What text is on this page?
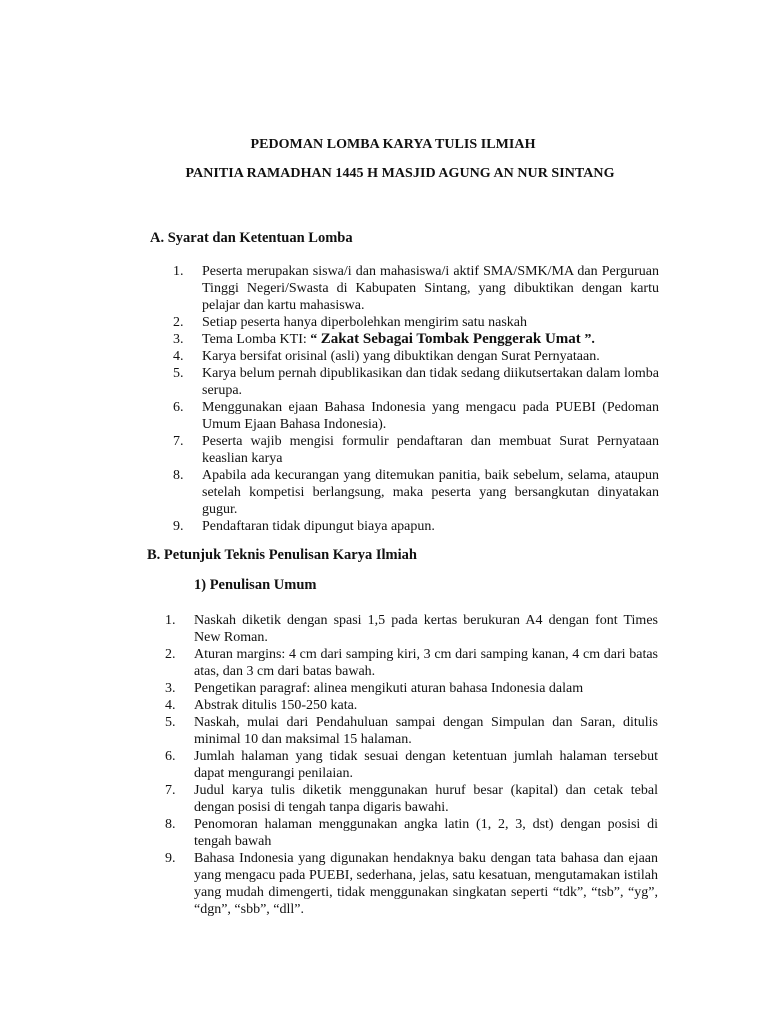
PEDOMAN LOMBA KARYA TULIS ILMIAH
PANITIA RAMADHAN 1445 H MASJID AGUNG AN NUR SINTANG
A. Syarat dan Ketentuan Lomba
1. Peserta merupakan siswa/i dan mahasiswa/i aktif SMA/SMK/MA dan Perguruan Tinggi Negeri/Swasta di Kabupaten Sintang, yang dibuktikan dengan kartu pelajar dan kartu mahasiswa.
2. Setiap peserta hanya diperbolehkan mengirim satu naskah
3. Tema Lomba KTI: “ Zakat Sebagai Tombak Penggerak Umat ”.
4. Karya bersifat orisinal (asli) yang dibuktikan dengan Surat Pernyataan.
5. Karya belum pernah dipublikasikan dan tidak sedang diikutsertakan dalam lomba serupa.
6. Menggunakan ejaan Bahasa Indonesia yang mengacu pada PUEBI (Pedoman Umum Ejaan Bahasa Indonesia).
7. Peserta wajib mengisi formulir pendaftaran dan membuat Surat Pernyataan keaslian karya
8. Apabila ada kecurangan yang ditemukan panitia, baik sebelum, selama, ataupun setelah kompetisi berlangsung, maka peserta yang bersangkutan dinyatakan gugur.
9. Pendaftaran tidak dipungut biaya apapun.
B. Petunjuk Teknis Penulisan Karya Ilmiah
1) Penulisan Umum
1. Naskah diketik dengan spasi 1,5 pada kertas berukuran A4 dengan font Times New Roman.
2. Aturan margins: 4 cm dari samping kiri, 3 cm dari samping kanan, 4 cm dari batas atas, dan 3 cm dari batas bawah.
3. Pengetikan paragraf: alinea mengikuti aturan bahasa Indonesia dalam
4. Abstrak ditulis 150-250 kata.
5. Naskah, mulai dari Pendahuluan sampai dengan Simpulan dan Saran, ditulis minimal 10 dan maksimal 15 halaman.
6. Jumlah halaman yang tidak sesuai dengan ketentuan jumlah halaman tersebut dapat mengurangi penilaian.
7. Judul karya tulis diketik menggunakan huruf besar (kapital) dan cetak tebal dengan posisi di tengah tanpa digaris bawahi.
8. Penomoran halaman menggunakan angka latin (1, 2, 3, dst) dengan posisi di tengah bawah
9. Bahasa Indonesia yang digunakan hendaknya baku dengan tata bahasa dan ejaan yang mengacu pada PUEBI, sederhana, jelas, satu kesatuan, mengutamakan istilah yang mudah dimengerti, tidak menggunakan singkatan seperti “tdk”, “tsb”, “yg”, “dgn”, “sbb”, “dll”.
